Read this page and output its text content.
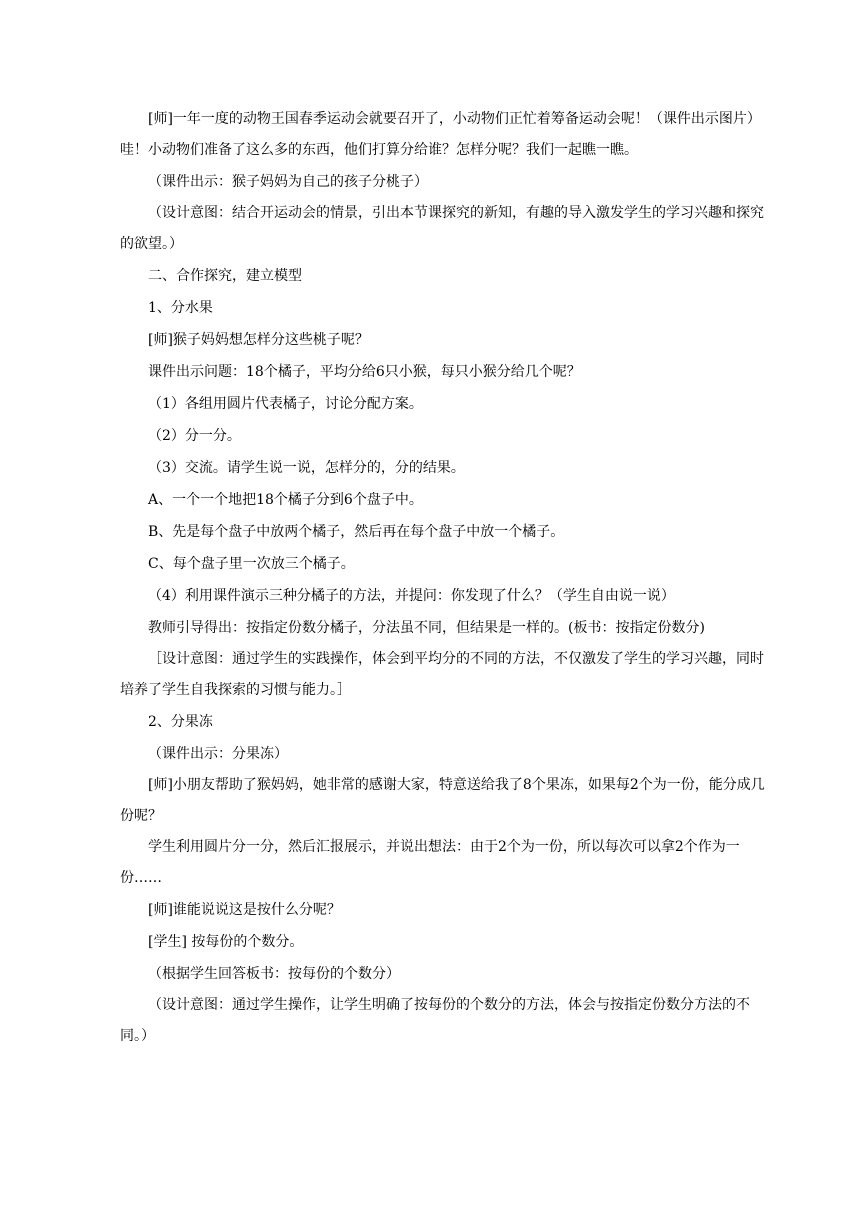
[师]一年一度的动物王国春季运动会就要召开了，小动物们正忙着筹备运动会呢！（课件出示图片）哇！小动物们准备了这么多的东西，他们打算分给谁？怎样分呢？我们一起瞧一瞧。

（课件出示：猴子妈妈为自己的孩子分桃子）

（设计意图：结合开运动会的情景，引出本节课探究的新知，有趣的导入激发学生的学习兴趣和探究的欲望。）

二、合作探究，建立模型

1、分水果

[师]猴子妈妈想怎样分这些桃子呢？

课件出示问题：18个橘子，平均分给6只小猴，每只小猴分给几个呢？

（1）各组用圆片代表橘子，讨论分配方案。

（2）分一分。

（3）交流。请学生说一说，怎样分的，分的结果。

A、一个一个地把18个橘子分到6个盘子中。

B、先是每个盘子中放两个橘子，然后再在每个盘子中放一个橘子。

C、每个盘子里一次放三个橘子。

（4）利用课件演示三种分橘子的方法，并提问：你发现了什么？（学生自由说一说）

教师引导得出：按指定份数分橘子，分法虽不同，但结果是一样的。(板书：按指定份数分)

［设计意图：通过学生的实践操作，体会到平均分的不同的方法，不仅激发了学生的学习兴趣，同时培养了学生自我探索的习惯与能力。］

2、分果冻

（课件出示：分果冻）

[师]小朋友帮助了猴妈妈，她非常的感谢大家，特意送给我了8个果冻，如果每2个为一份，能分成几份呢？

学生利用圆片分一分，然后汇报展示，并说出想法：由于2个为一份，所以每次可以拿2个作为一份……

[师]谁能说说这是按什么分呢？

[学生] 按每份的个数分。

（根据学生回答板书：按每份的个数分）

（设计意图：通过学生操作，让学生明确了按每份的个数分的方法，体会与按指定份数分方法的不同。）
